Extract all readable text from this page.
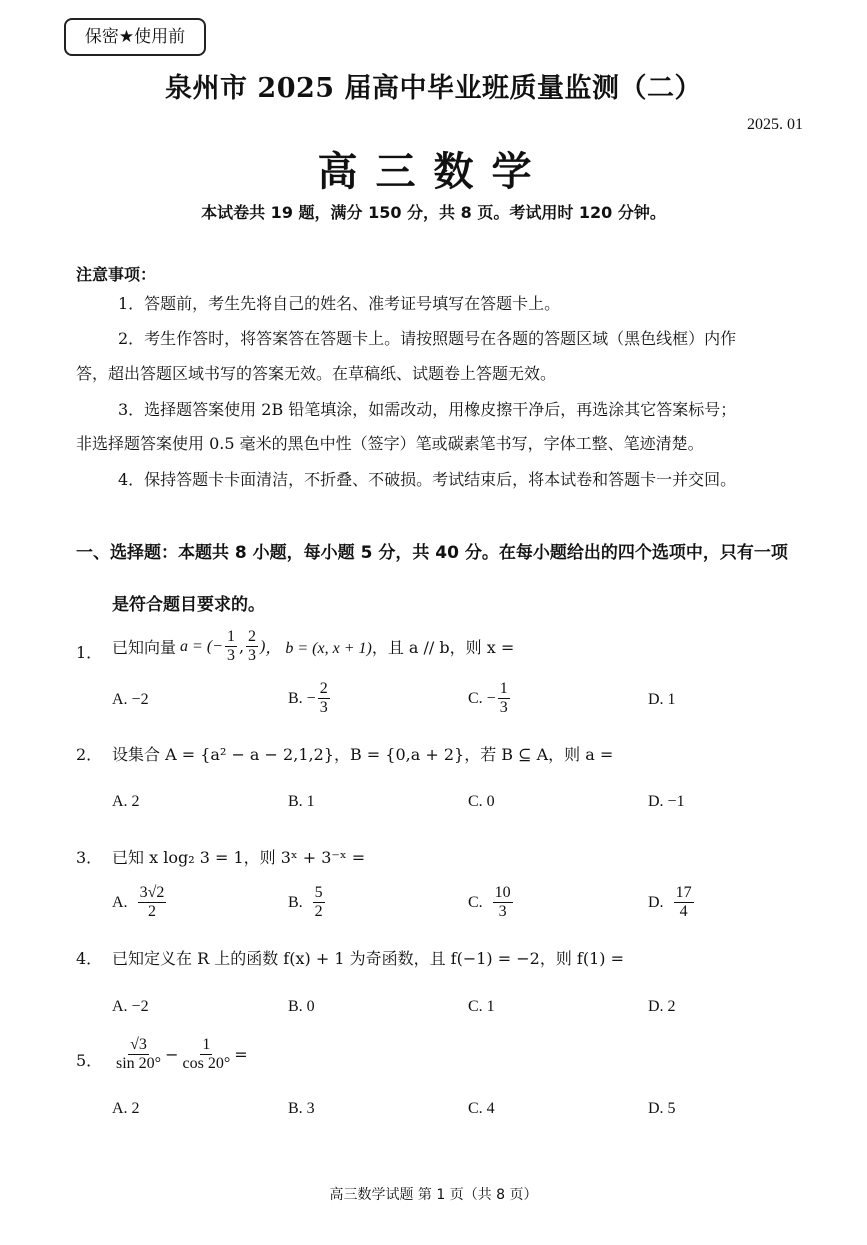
保密★使用前
泉州市 2025 届高中毕业班质量监测（二）
2025. 01
高三数学
本试卷共 19 题，满分 150 分，共 8 页。考试用时 120 分钟。
注意事项：
1．答题前，考生先将自己的姓名、准考证号填写在答题卡上。
2．考生作答时，将答案答在答题卡上。请按照题号在各题的答题区域（黑色线框）内作
答，超出答题区域书写的答案无效。在草稿纸、试题卷上答题无效。
3．选择题答案使用 2B 铅笔填涂，如需改动，用橡皮擦干净后，再选涂其它答案标号；
非选择题答案使用 0.5 毫米的黑色中性（签字）笔或碳素笔书写，字体工整、笔迹清楚。
4．保持答题卡卡面清洁，不折叠、不破损。考试结束后，将本试卷和答题卡一并交回。
一、选择题：本题共 8 小题，每小题 5 分，共 40 分。在每小题给出的四个选项中，只有一项
是符合题目要求的。
1． 已知向量 a = (− $\frac{1}{3}$ , $\frac{2}{3}$ ) ， b = (x, x + 1) ，且 a // b，则 x =
A. −2	B. − $\frac{2}{3}$	C. − $\frac{1}{3}$	D. 1
2． 设集合 A = {a² − a − 2,1,2}，B = {0,a + 2}，若 B ⊆ A，则 a =
A. 2	B. 1	C. 0	D. −1
3． 已知 x log₂ 3 = 1，则 3ˣ + 3⁻ˣ =
A.
$\frac{3√2}{2}$	B.
$\frac{5}{2}$	C.
$\frac{10}{3}$	D.
$\frac{17}{4}$
4． 已知定义在 R 上的函数 f(x) + 1 为奇函数，且 f(−1) = −2，则 f(1) =
A. −2	B. 0	C. 1	D. 2
5． $\frac{√3}{\sin 20^\circ} - \frac{1}{\cos 20^\circ}$ =
A. 2	B. 3	C. 4	D. 5
高三数学试题 第 1 页（共 8 页）
